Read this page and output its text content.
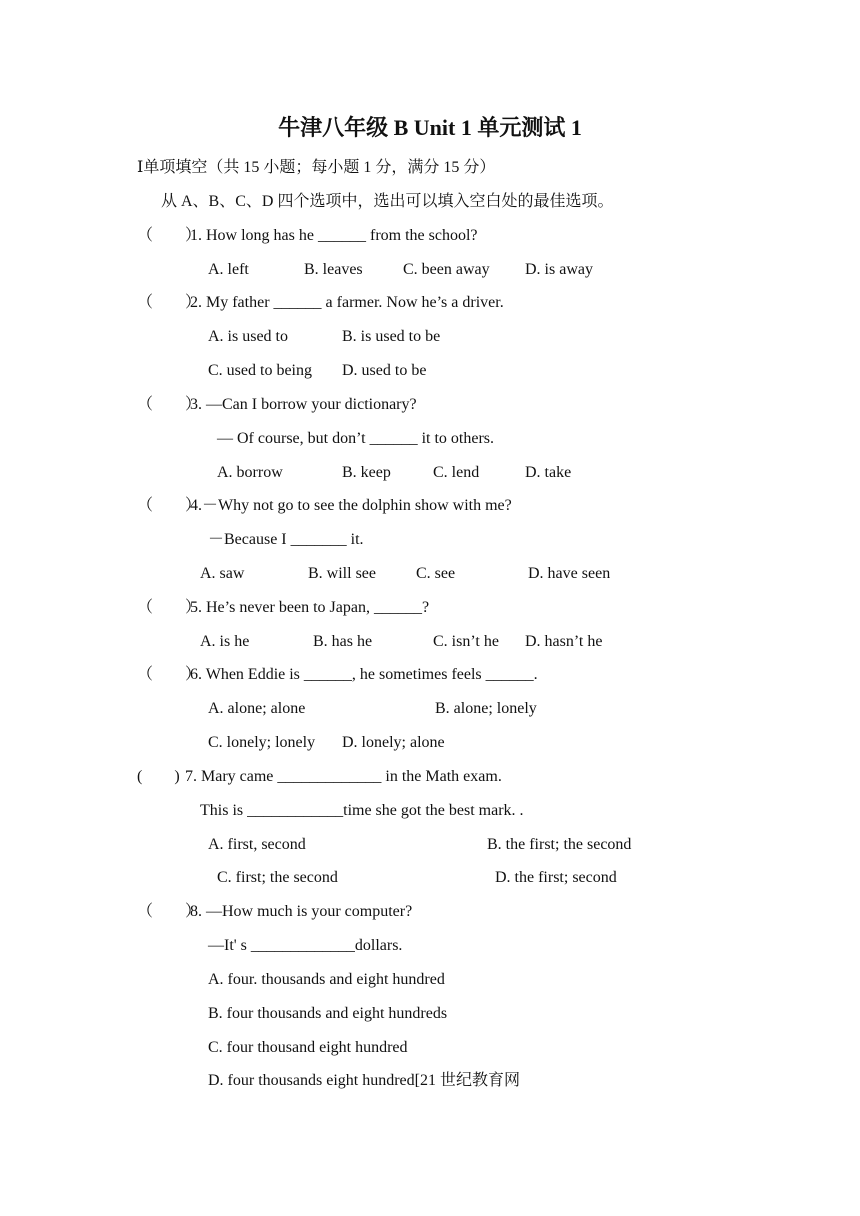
牛津八年级 B Unit 1 单元测试 1
Ⅰ单项填空（共 15 小题；每小题 1 分，满分 15 分）
从 A、B、C、D 四个选项中，选出可以填入空白处的最佳选项。
（　　）
1. How long has he ______ from the school?
A. left	B. leaves	C. been away D. is away
（　　）
2. My father ______ a farmer. Now he’s a driver.
A. is used to	B. is used to be
C. used to being D. used to be
（　　）
3. —Can I borrow your dictionary?
— Of course, but don’t ______ it to others.
A. borrow	B. keep	C. lend	D. take
（　　）
4.－Why not go to see the dolphin show with me?
－Because I _______ it.
A. saw	B. will see	C. see	D. have seen
（　　）
5. He’s never been to Japan, ______?
A. is he	B. has he	C. isn’t he D. hasn’t he
（　　）
6. When Eddie is ______, he sometimes feels ______.
A. alone; alone	B. alone; lonely
C. lonely; lonely D. lonely; alone
(　　) 7. Mary came _____________ in the Math exam.
This is ____________time she got the best mark. .
A. first, second	B. the first; the second
C. first; the second	D. the first; second
（　　）
8. —How much is your computer?
—It' s _____________dollars.
A. four. thousands and eight hundred
B. four thousands and eight hundreds
C. four thousand eight hundred
D. four thousands eight hundred[21 世纪教育网
